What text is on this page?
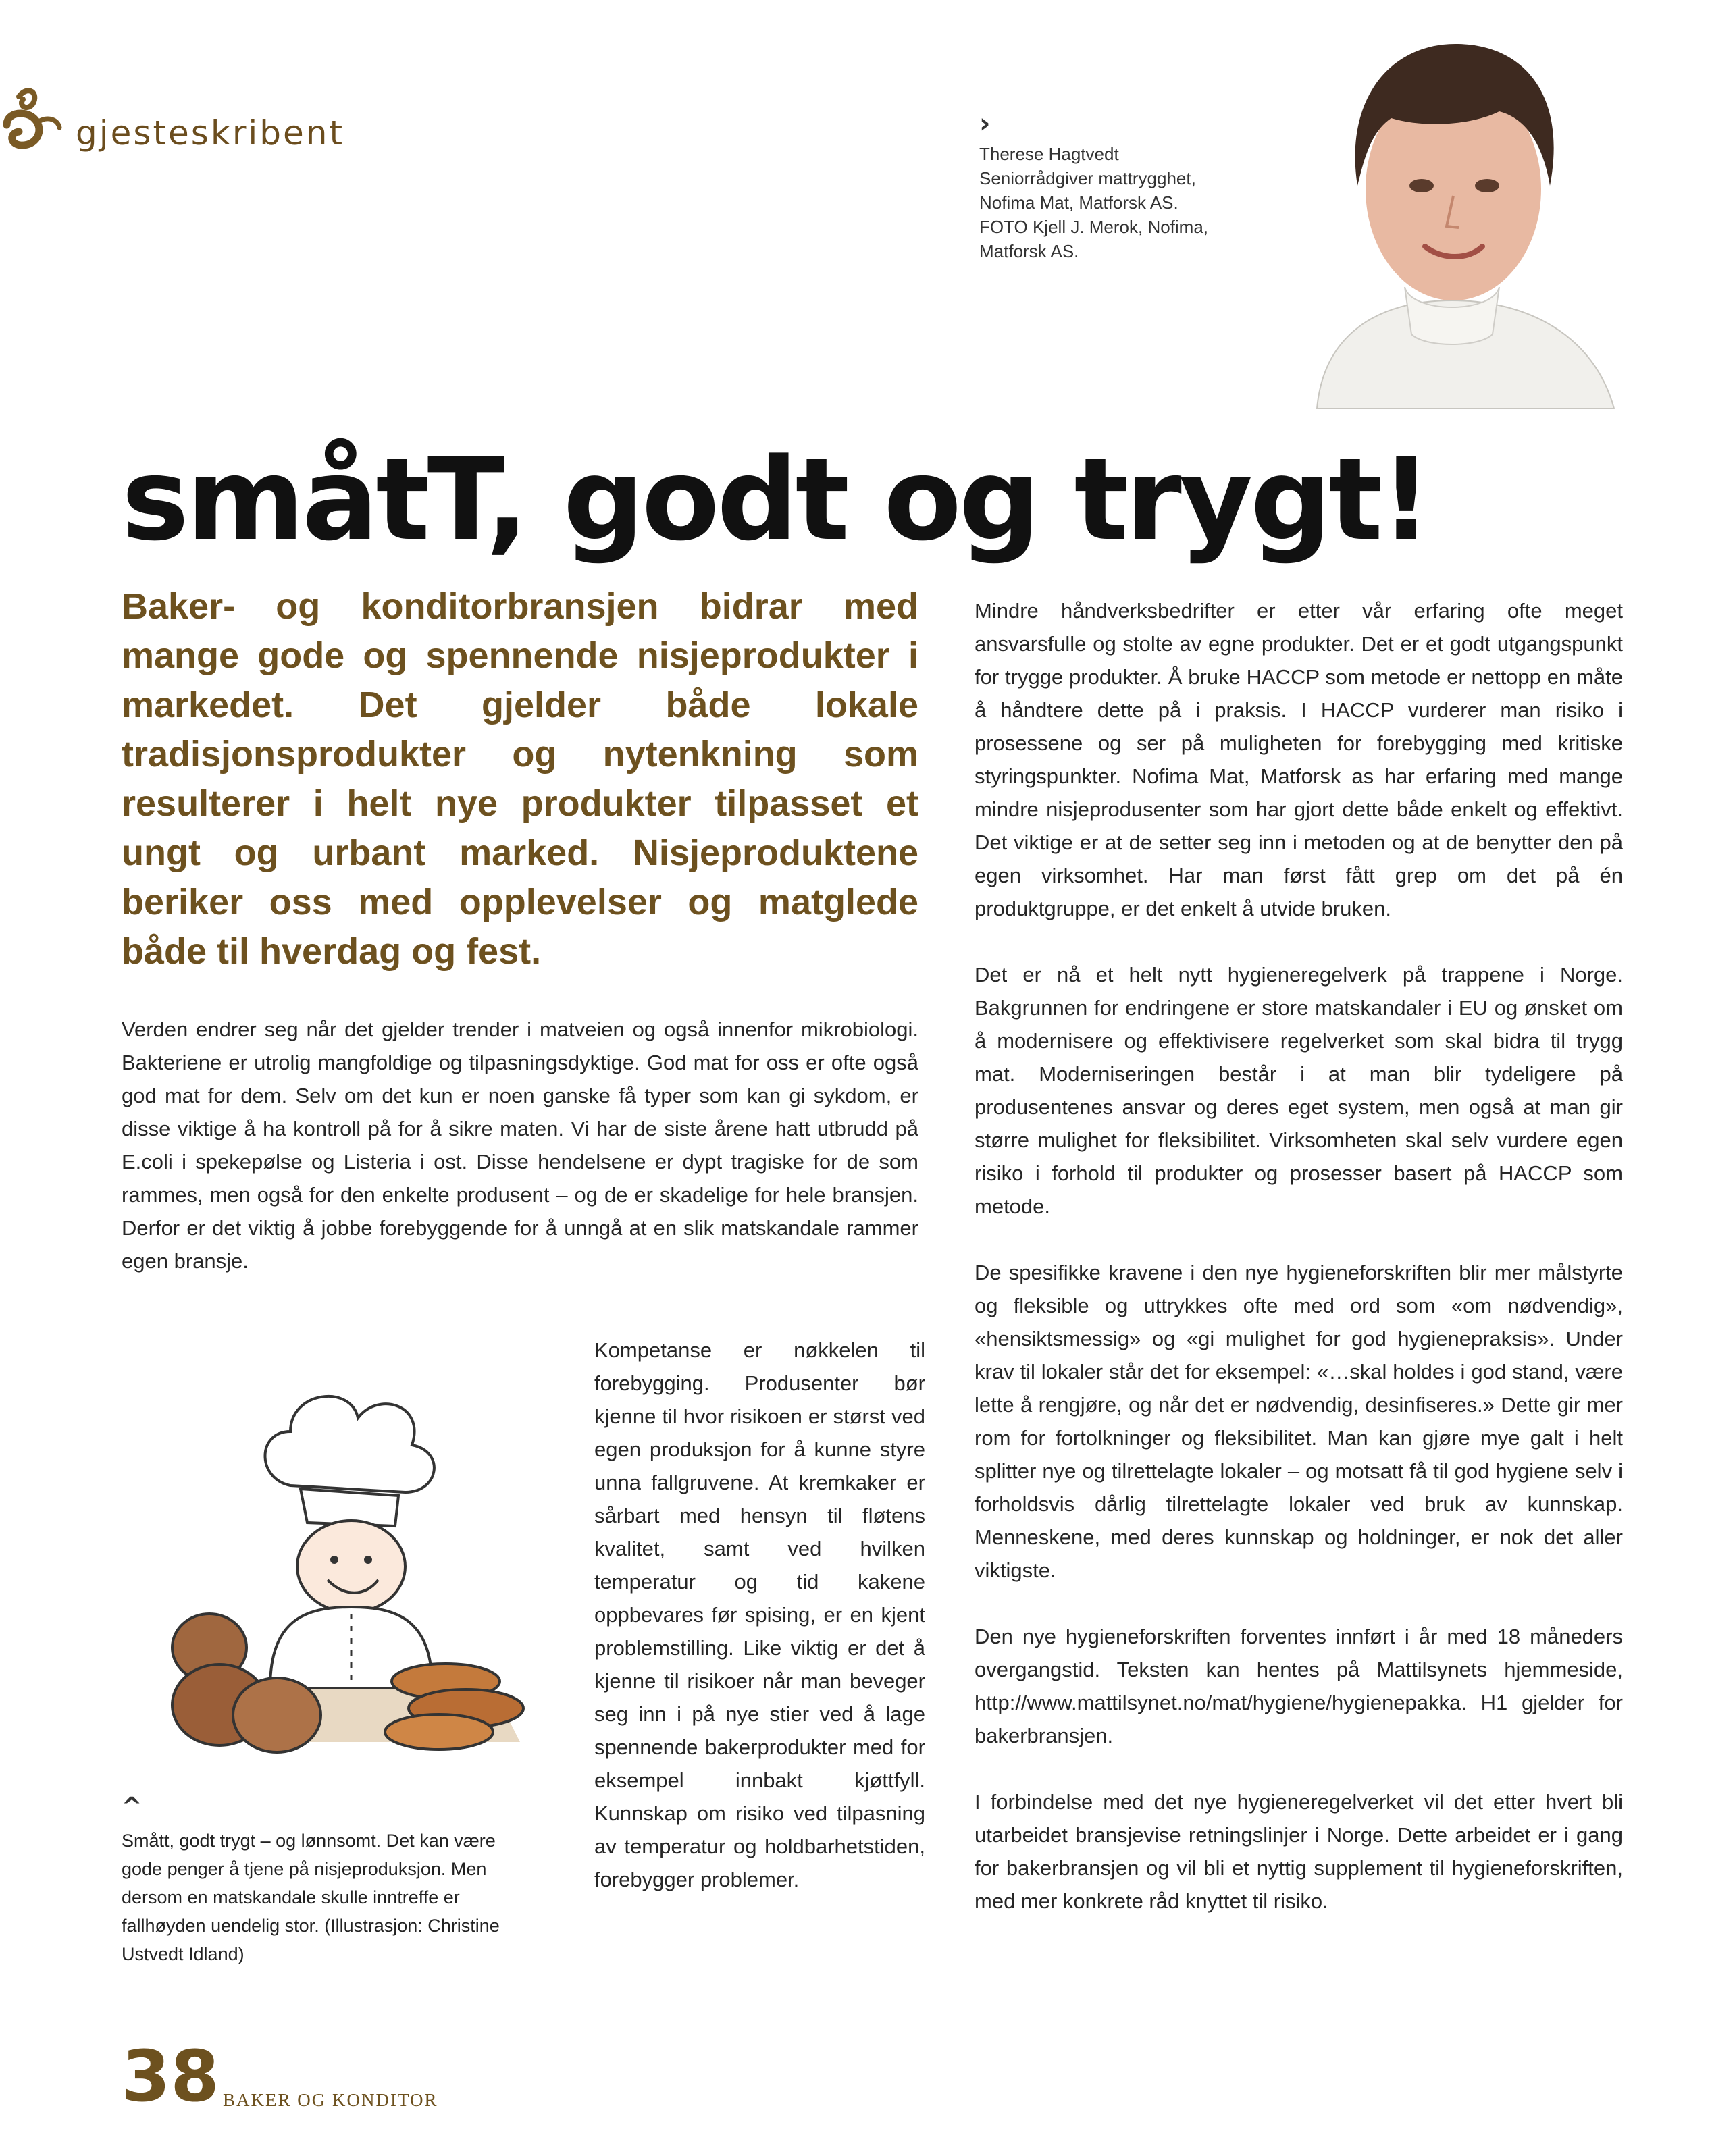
gjesteskribent	›
Therese Hagtvedt
Seniorrådgiver mattrygghet,
Nofima Mat, Matforsk AS.
FOTO Kjell J. Merok, Nofima,
Matforsk AS.
småtT, godt og trygt!

Baker- og konditorbransjen bidrar med mange gode og spennende nisjeprodukter i markedet. Det gjelder både lokale tradisjonsprodukter og nytenkning som resulterer i helt nye produkter tilpasset et ungt og urbant marked. Nisjeproduktene beriker oss med opplevelser og matglede både til hverdag og fest.

Verden endrer seg når det gjelder trender i matveien og også innenfor mikrobiologi. Bakteriene er utrolig mangfoldige og tilpasningsdyktige. God mat for oss er ofte også god mat for dem. Selv om det kun er noen ganske få typer som kan gi sykdom, er disse viktige å ha kontroll på for å sikre maten. Vi har de siste årene hatt utbrudd på E.coli i spekepølse og Listeria i ost. Disse hendelsene er dypt tragiske for de som rammes, men også for den enkelte produsent – og de er skadelige for hele bransjen. Derfor er det viktig å jobbe forebyggende for å unngå at en slik matskandale rammer egen bransje.

^

Smått, godt trygt – og lønnsomt. Det kan være gode penger å tjene på nisjeproduksjon. Men dersom en matskandale skulle inntreffe er fallhøyden uendelig stor. (Illustrasjon: Christine Ustvedt Idland)

Kompetanse er nøkkelen til forebygging. Produsenter bør kjenne til hvor risikoen er størst ved egen produksjon for å kunne styre unna fallgruvene. At kremkaker er sårbart med hensyn til fløtens kvalitet, samt ved hvilken temperatur og tid kakene oppbevares før spising, er en kjent problemstilling. Like viktig er det å kjenne til risikoer når man beveger seg inn i på nye stier ved å lage spennende bakerprodukter med for eksempel innbakt kjøttfyll. Kunnskap om risiko ved tilpasning av temperatur og holdbarhetstiden, forebygger problemer.

Mindre håndverksbedrifter er etter vår erfaring ofte meget ansvarsfulle og stolte av egne produkter. Det er et godt utgangspunkt for trygge produkter. Å bruke HACCP som metode er nettopp en måte å håndtere dette på i praksis. I HACCP vurderer man risiko i prosessene og ser på muligheten for forebygging med kritiske styringspunkter. Nofima Mat, Matforsk as har erfaring med mange mindre nisjeprodusenter som har gjort dette både enkelt og effektivt. Det viktige er at de setter seg inn i metoden og at de benytter den på egen virksomhet. Har man først fått grep om det på én produktgruppe, er det enkelt å utvide bruken.

Det er nå et helt nytt hygieneregelverk på trappene i Norge. Bakgrunnen for endringene er store matskandaler i EU og ønsket om å modernisere og effektivisere regelverket som skal bidra til trygg mat. Moderniseringen består i at man blir tydeligere på produsentenes ansvar og deres eget system, men også at man gir større mulighet for fleksibilitet. Virksomheten skal selv vurdere egen risiko i forhold til produkter og prosesser basert på HACCP som metode.

De spesifikke kravene i den nye hygieneforskriften blir mer målstyrte og fleksible og uttrykkes ofte med ord som «om nødvendig», «hensiktsmessig» og «gi mulighet for god hygienepraksis». Under krav til lokaler står det for eksempel: «…skal holdes i god stand, være lette å rengjøre, og når det er nødvendig, desinfiseres.» Dette gir mer rom for fortolkninger og fleksibilitet. Man kan gjøre mye galt i helt splitter nye og tilrettelagte lokaler – og motsatt få til god hygiene selv i forholdsvis dårlig tilrettelagte lokaler ved bruk av kunnskap. Menneskene, med deres kunnskap og holdninger, er nok det aller viktigste.

Den nye hygieneforskriften forventes innført i år med 18 måneders overgangstid. Teksten kan hentes på Mattilsynets hjemmeside, http://www.mattilsynet.no/mat/hygiene/hygienepakka. H1 gjelder for bakerbransjen.

I forbindelse med det nye hygieneregelverket vil det etter hvert bli utarbeidet bransjevise retningslinjer i Norge. Dette arbeidet er i gang for bakerbransjen og vil bli et nyttig supplement til hygieneforskriften, med mer konkrete råd knyttet til risiko.

38 BAKER OG KONDITOR
